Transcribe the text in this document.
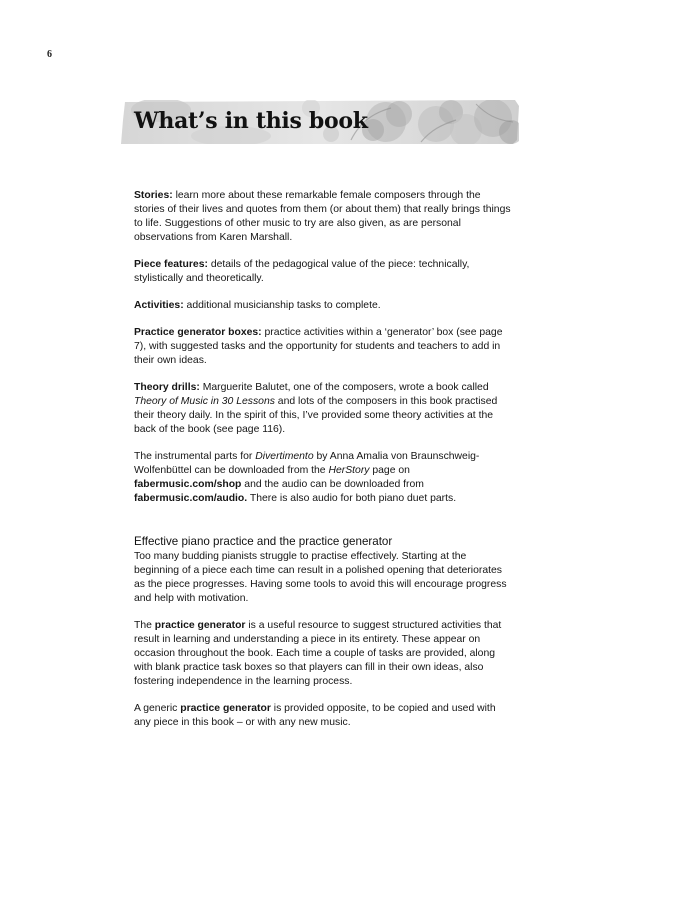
6
What’s in this book

Stories: learn more about these remarkable female composers through the stories of their lives and quotes from them (or about them) that really brings things to life. Suggestions of other music to try are also given, as are personal observations from Karen Marshall.

Piece features: details of the pedagogical value of the piece: technically, stylistically and theoretically.

Activities: additional musicianship tasks to complete.

Practice generator boxes: practice activities within a ‘generator’ box (see page 7), with suggested tasks and the opportunity for students and teachers to add in their own ideas.

Theory drills: Marguerite Balutet, one of the composers, wrote a book called Theory of Music in 30 Lessons and lots of the composers in this book practised their theory daily. In the spirit of this, I’ve provided some theory activities at the back of the book (see page 116).

The instrumental parts for Divertimento by Anna Amalia von Braunschweig-Wolfenbüttel can be downloaded from the HerStory page on fabermusic.com/shop and the audio can be downloaded from fabermusic.com/audio. There is also audio for both piano duet parts.

Effective piano practice and the practice generator

Too many budding pianists struggle to practise effectively. Starting at the beginning of a piece each time can result in a polished opening that deteriorates as the piece progresses. Having some tools to avoid this will encourage progress and help with motivation.

The practice generator is a useful resource to suggest structured activities that result in learning and understanding a piece in its entirety. These appear on occasion throughout the book. Each time a couple of tasks are provided, along with blank practice task boxes so that players can fill in their own ideas, also fostering independence in the learning process.

A generic practice generator is provided opposite, to be copied and used with any piece in this book – or with any new music.
